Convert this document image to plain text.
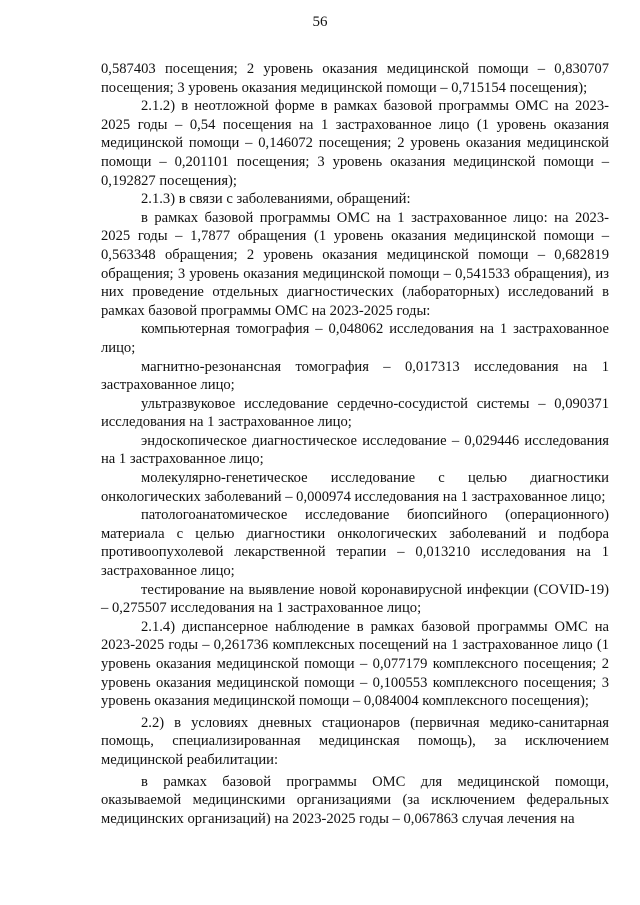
56

0,587403 посещения; 2 уровень оказания медицинской помощи – 0,830707 посещения; 3 уровень оказания медицинской помощи – 0,715154 посещения);

2.1.2) в неотложной форме в рамках базовой программы ОМС на 2023- 2025 годы – 0,54 посещения на 1 застрахованное лицо (1 уровень оказания медицинской помощи – 0,146072 посещения; 2 уровень оказания медицинской помощи – 0,201101 посещения; 3 уровень оказания медицинской помощи – 0,192827 посещения);

2.1.3) в связи с заболеваниями, обращений:

в рамках базовой программы ОМС на 1 застрахованное лицо: на 2023- 2025 годы – 1,7877 обращения (1 уровень оказания медицинской помощи – 0,563348 обращения; 2 уровень оказания медицинской помощи – 0,682819 обращения; 3 уровень оказания медицинской помощи – 0,541533 обращения), из них проведение отдельных диагностических (лабораторных) исследований в рамках базовой программы ОМС на 2023-2025 годы:

компьютерная томография – 0,048062 исследования на 1 застрахованное лицо;

магнитно-резонансная томография – 0,017313 исследования на 1 застрахованное лицо;

ультразвуковое исследование сердечно-сосудистой системы – 0,090371 исследования на 1 застрахованное лицо;

эндоскопическое диагностическое исследование – 0,029446 исследования на 1 застрахованное лицо;

молекулярно-генетическое исследование с целью диагностики онкологических заболеваний – 0,000974 исследования на 1 застрахованное лицо;

патологоанатомическое исследование биопсийного (операционного) материала с целью диагностики онкологических заболеваний и подбора противоопухолевой лекарственной терапии – 0,013210 исследования на 1 застрахованное лицо;

тестирование на выявление новой коронавирусной инфекции (COVID-19) – 0,275507 исследования на 1 застрахованное лицо;

2.1.4) диспансерное наблюдение в рамках базовой программы ОМС на 2023-2025 годы – 0,261736 комплексных посещений на 1 застрахованное лицо (1 уровень оказания медицинской помощи – 0,077179 комплексного посещения; 2 уровень оказания медицинской помощи – 0,100553 комплексного посещения; 3 уровень оказания медицинской помощи – 0,084004 комплексного посещения);

2.2) в условиях дневных стационаров (первичная медико-санитарная помощь, специализированная медицинская помощь), за исключением медицинской реабилитации:

в рамках базовой программы ОМС для медицинской помощи, оказываемой медицинскими организациями (за исключением федеральных медицинских организаций) на 2023-2025 годы – 0,067863 случая лечения на
